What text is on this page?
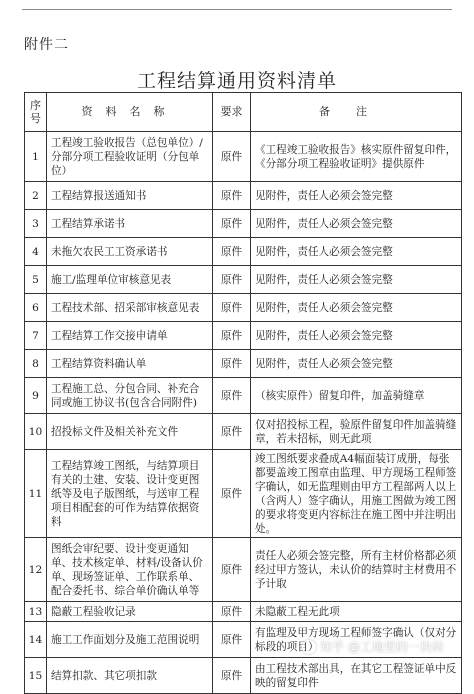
附件二
工程结算通用资料清单
序号	资料名称	要求	备注
1	工程竣工验收报告（总包单位）/分部分项工程验收证明（分包单位）	原件	《工程竣工验收报告》核实原件留复印件，《分部分项工程验收证明》提供原件
2	工程结算报送通知书	原件	见附件，责任人必须会签完整
3	工程结算承诺书	原件	见附件，责任人必须会签完整
4	未拖欠农民工工资承诺书	原件	见附件，责任人必须会签完整
5	施工/监理单位审核意见表	原件	见附件，责任人必须会签完整
6	工程技术部、招采部审核意见表	原件	见附件，责任人必须会签完整
7	工程结算工作交接申请单	原件	见附件，责任人必须会签完整
8	工程结算资料确认单	原件	见附件，责任人必须会签完整
9	工程施工总、分包合同、补充合同或施工协议书(包含合同附件)	原件	（核实原件）留复印件，加盖骑缝章
10	招投标文件及相关补充文件	原件	仅对招投标工程，验原件留复印件加盖骑缝章，若未招标，则无此项
11	工程结算竣工图纸，与结算项目有关的土建、安装、设计变更图纸等及电子版图纸，与送审工程项目相配套的可作为结算依据资料	原件	竣工图纸要求叠成A4幅面装订成册，每张都要盖竣工图章由监理、甲方现场工程师签字确认，如无监理则由甲方工程部两人以上（含两人）签字确认，用施工图做为竣工图的要求将变更内容标注在施工图中并注明出处。
12	图纸会审纪要、设计变更通知单、技术核定单、材料/设备认价单、现场签证单、工作联系单、配合委托书、综合单价确认单等	原件	责任人必须会签完整，所有主材价格都必须经过甲方签认，未认价的结算时主材费用不予计取
13	隐蔽工程验收记录	原件	未隐蔽工程无此项
14	施工工作面划分及施工范围说明	原件	有监理及甲方现场工程师签字确认（仅对分标段的项目）
15	结算扣款、其它项扣款	原件	由工程技术部出具，在其它工程签证单中反映的留复印件
知乎 @工地里的一块砖
